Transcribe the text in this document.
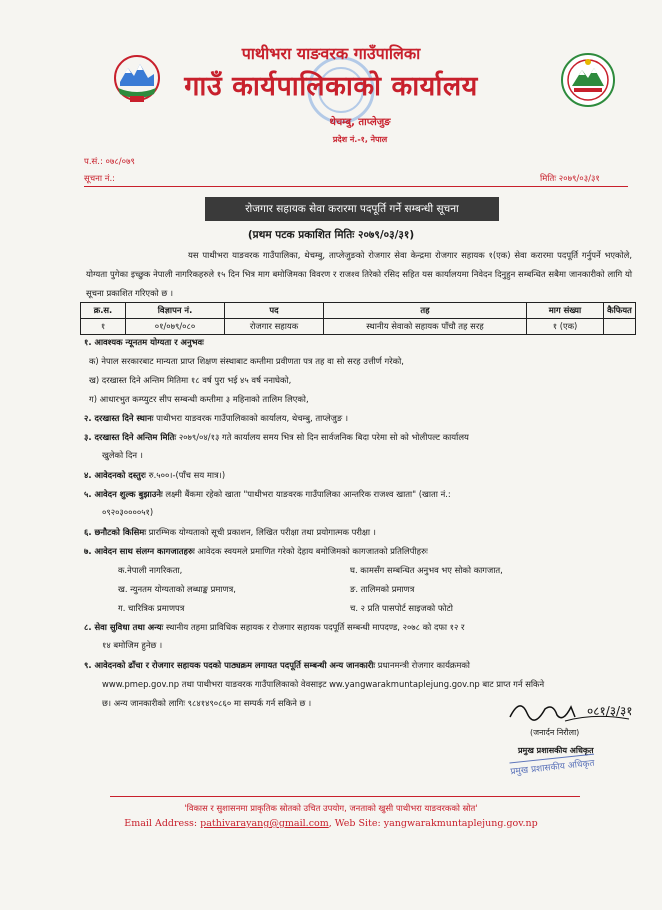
पाथीभरा याङवरक गाउँपालिका
गाउँ कार्यपालिकाको कार्यालय
थेचम्बु, ताप्लेजुङ
प्रदेश नं.-१, नेपाल
प.सं.: ०७८/०७९
सूचना नं.:	मितिः २०७९/०३/३१
रोजगार सहायक सेवा करारमा पदपूर्ति गर्ने सम्बन्धी सूचना
(प्रथम पटक प्रकाशित मितिः २०७९/०३/३१)
यस पाथीभरा याङवरक गाउँपालिका, थेचम्बु, ताप्लेजुङको रोजगार सेवा केन्द्रमा रोजगार सहायक १(एक) सेवा करारमा पदपूर्ति गर्नुपर्ने भएकोले, योग्यता पुगेका इच्छुक नेपाली नागरिकहरुले १५ दिन भित्र माग बमोजिमका विवरण र राजश्व तिरेको रसिद सहित यस कार्यालयमा निवेदन दिनुहुन सम्बन्धित सबैमा जानकारीको लागि यो सूचना प्रकाशित गरिएको छ ।
क्र.स.	विज्ञापन नं.	पद	तह	माग संख्या	कैफियत
१	०१/०७९/०८०	रोजगार सहायक	स्थानीय सेवाको सहायक पाँचौ तह सरह	१ (एक)	
१. आवश्यक न्यूनतम योग्यता र अनुभवः
क) नेपाल सरकारबाट मान्यता प्राप्त शिक्षण संस्थाबाट कम्तीमा प्रवीणता पत्र तह वा सो सरह उत्तीर्ण गरेको,
ख) दरखास्त दिने अन्तिम मितिमा १८ वर्ष पुरा भई ४५ वर्ष ननाघेको,
ग) आधारभुत कम्प्युटर सीप सम्बन्धी कम्तीमा ३ महिनाको तालिम लिएको,
२. दरखास्त दिने स्थानः पाथीभरा याङवरक गाउँपालिकाको कार्यालय, थेचम्बु, ताप्लेजुङ ।
३. दरखास्त दिने अन्तिम मितिः २०७९/०४/१३ गते कार्यालय समय भित्र सो दिन सार्वजनिक बिदा परेमा सो को भोलीपल्ट कार्यालय
खुलेको दिन ।
४. आवेदनको दस्तुरः रु.५००।-(पाँच सय मात्र।)
५. आवेदन शुल्क बुझाउनेः लक्ष्मी बैंकमा रहेको खाता "पाथीभरा याङवरक गाउँपालिका आन्तरिक राजश्व खाता" (खाता नं.:
०९२०३००००५१)
६. छनौटको किसिमः प्रारम्भिक योग्यताको सूची प्रकाशन, लिखित परीक्षा तथा प्रयोगात्मक परीक्षा ।
७. आवेदन साथ संलग्न कागजातहरुः आवेदक स्वयमले प्रमाणित गरेको देहाय बमोजिमको कागजातको प्रतिलिपीहरुः
क.नेपाली नागरिकता,	घ. कामसँग सम्बन्धित अनुभव भए सोको कागजात,
ख. न्युनतम योग्यताको लब्धाङ्क प्रमाणत्र,	ङ. तालिमको प्रमाणत्र
ग. चारित्रिक प्रमाणपत्र	च. २ प्रति पासपोर्ट साइजको फोटो
८. सेवा सुविधा तथा अन्यः स्थानीय तहमा प्राविधिक सहायक र रोजगार सहायक पदपूर्ति सम्बन्धी मापदण्ड, २०७८ को दफा १२ र
१४ बमोजिम हुनेछ ।
९. आवेदनको ढाँचा र रोजगार सहायक पदको पाठ्यक्रम लगायत पदपूर्ति सम्बन्धी अन्य जानकारीः प्रधानमन्त्री रोजगार कार्यक्रमको
www.pmep.gov.np तथा पाथीभरा याङवरक गाउँपालिकाको वेवसाइट ww.yangwarakmuntaplejung.gov.np बाट प्राप्त गर्न सकिने
छ। अन्य जानकारीको लागिः ९८४१४९०८६० मा सम्पर्क गर्न सकिने छ ।
०८१/३/३१
(जनार्दन निरौला)
प्रमुख प्रशासकीय अधिकृत
प्रमुख प्रशासकीय अधिकृत
'विकास र सुशासनमा प्राकृतिक स्रोतको उचित उपयोग, जनताको खुसी पाथीभरा याङवरकको स्रोत'
Email Address: pathivarayang@gmail.com, Web Site: yangwarakmuntaplejung.gov.np
